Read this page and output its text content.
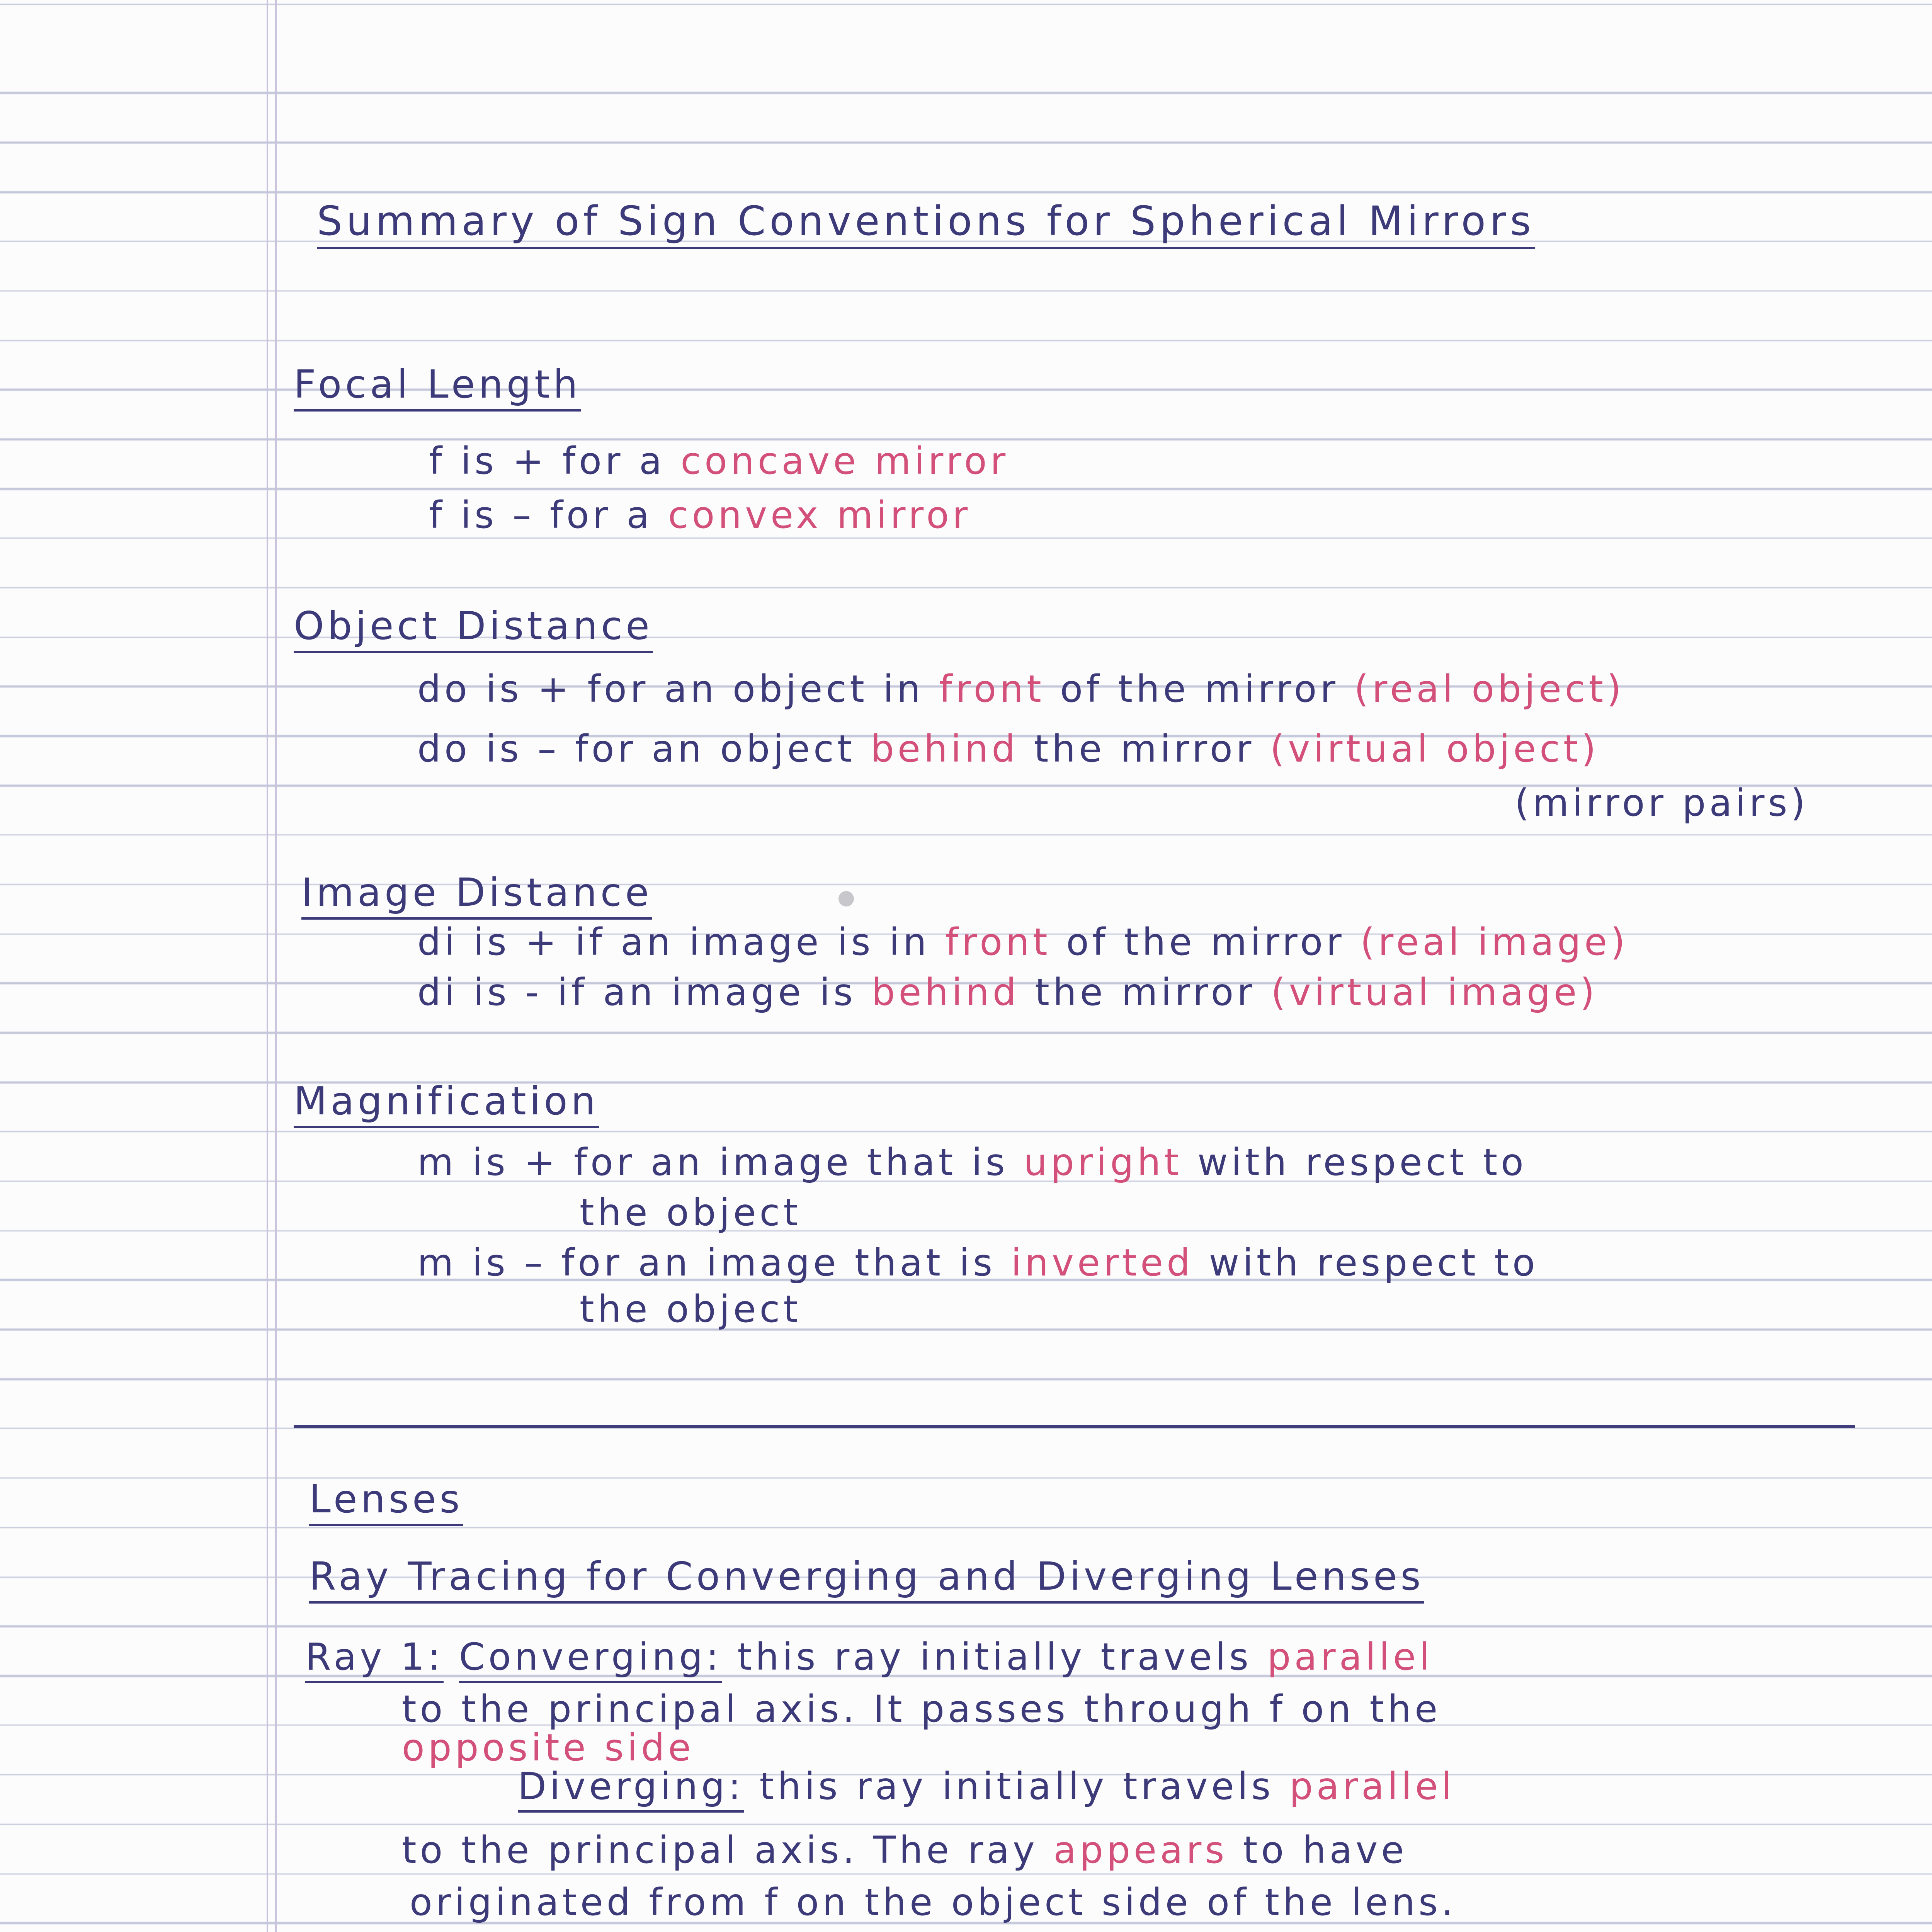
Summary of Sign Conventions for Spherical Mirrors
Focal Length
f is + for a concave mirror
f is – for a convex mirror
Object Distance
do is + for an object in front of the mirror (real object)
do is – for an object behind the mirror (virtual object)
(mirror pairs)
Image Distance
di is + if an image is in front of the mirror (real image)
di is - if an image is behind the mirror (virtual image)
Magnification
m is + for an image that is upright with respect to
the object
m is – for an image that is inverted with respect to
the object
Lenses
Ray Tracing for Converging and Diverging Lenses
Ray 1: Converging: this ray initially travels parallel
to the principal axis. It passes through f on the
opposite side
Diverging: this ray initially travels parallel
to the principal axis. The ray appears to have
originated from f on the object side of the lens.
